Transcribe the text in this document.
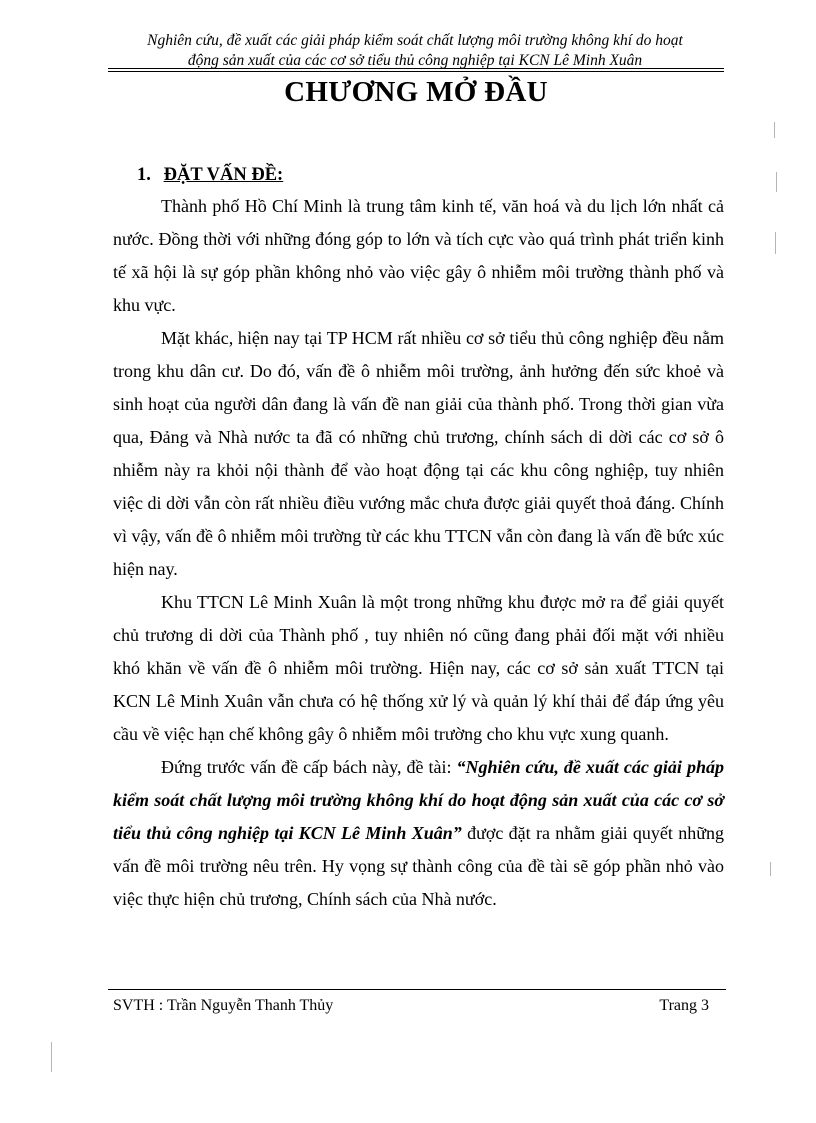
Nghiên cứu, đề xuất các giải pháp kiểm soát chất lượng môi trường không khí do hoạt
động sản xuất của các cơ sở tiểu thủ công nghiệp tại KCN Lê Minh Xuân
CHƯƠNG MỞ ĐẦU
1. ĐẶT VẤN ĐỀ:

Thành phố Hồ Chí Minh là trung tâm kinh tế, văn hoá và du lịch lớn nhất cả nước. Đồng thời với những đóng góp to lớn và tích cực vào quá trình phát triển kinh tế xã hội là sự góp phần không nhỏ vào việc gây ô nhiễm môi trường thành phố và khu vực.

Mặt khác, hiện nay tại TP HCM rất nhiều cơ sở tiểu thủ công nghiệp đều nằm trong khu dân cư. Do đó, vấn đề ô nhiễm môi trường, ảnh hưởng đến sức khoẻ và sinh hoạt của người dân đang là vấn đề nan giải của thành phố. Trong thời gian vừa qua, Đảng và Nhà nước ta đã có những chủ trương, chính sách di dời các cơ sở ô nhiễm này ra khỏi nội thành để vào hoạt động tại các khu công nghiệp, tuy nhiên việc di dời vẫn còn rất nhiều điều vướng mắc chưa được giải quyết thoả đáng. Chính vì vậy, vấn đề ô nhiễm môi trường từ các khu TTCN vẫn còn đang là vấn đề bức xúc hiện nay.

Khu TTCN Lê Minh Xuân là một trong những khu được mở ra để giải quyết chủ trương di dời của Thành phố , tuy nhiên nó cũng đang phải đối mặt với nhiều khó khăn về vấn đề ô nhiễm môi trường. Hiện nay, các cơ sở sản xuất TTCN tại KCN Lê Minh Xuân vẫn chưa có hệ thống xử lý và quản lý khí thải để đáp ứng yêu cầu về việc hạn chế không gây ô nhiễm môi trường cho khu vực xung quanh.

Đứng trước vấn đề cấp bách này, đề tài: “Nghiên cứu, đề xuất các giải pháp kiểm soát chất lượng môi trường không khí do hoạt động sản xuất của các cơ sở tiểu thủ công nghiệp tại KCN Lê Minh Xuân” được đặt ra nhằm giải quyết những vấn đề môi trường nêu trên. Hy vọng sự thành công của đề tài sẽ góp phần nhỏ vào việc thực hiện chủ trương, Chính sách của Nhà nước.

SVTH : Trần Nguyễn Thanh Thủy	Trang 3
